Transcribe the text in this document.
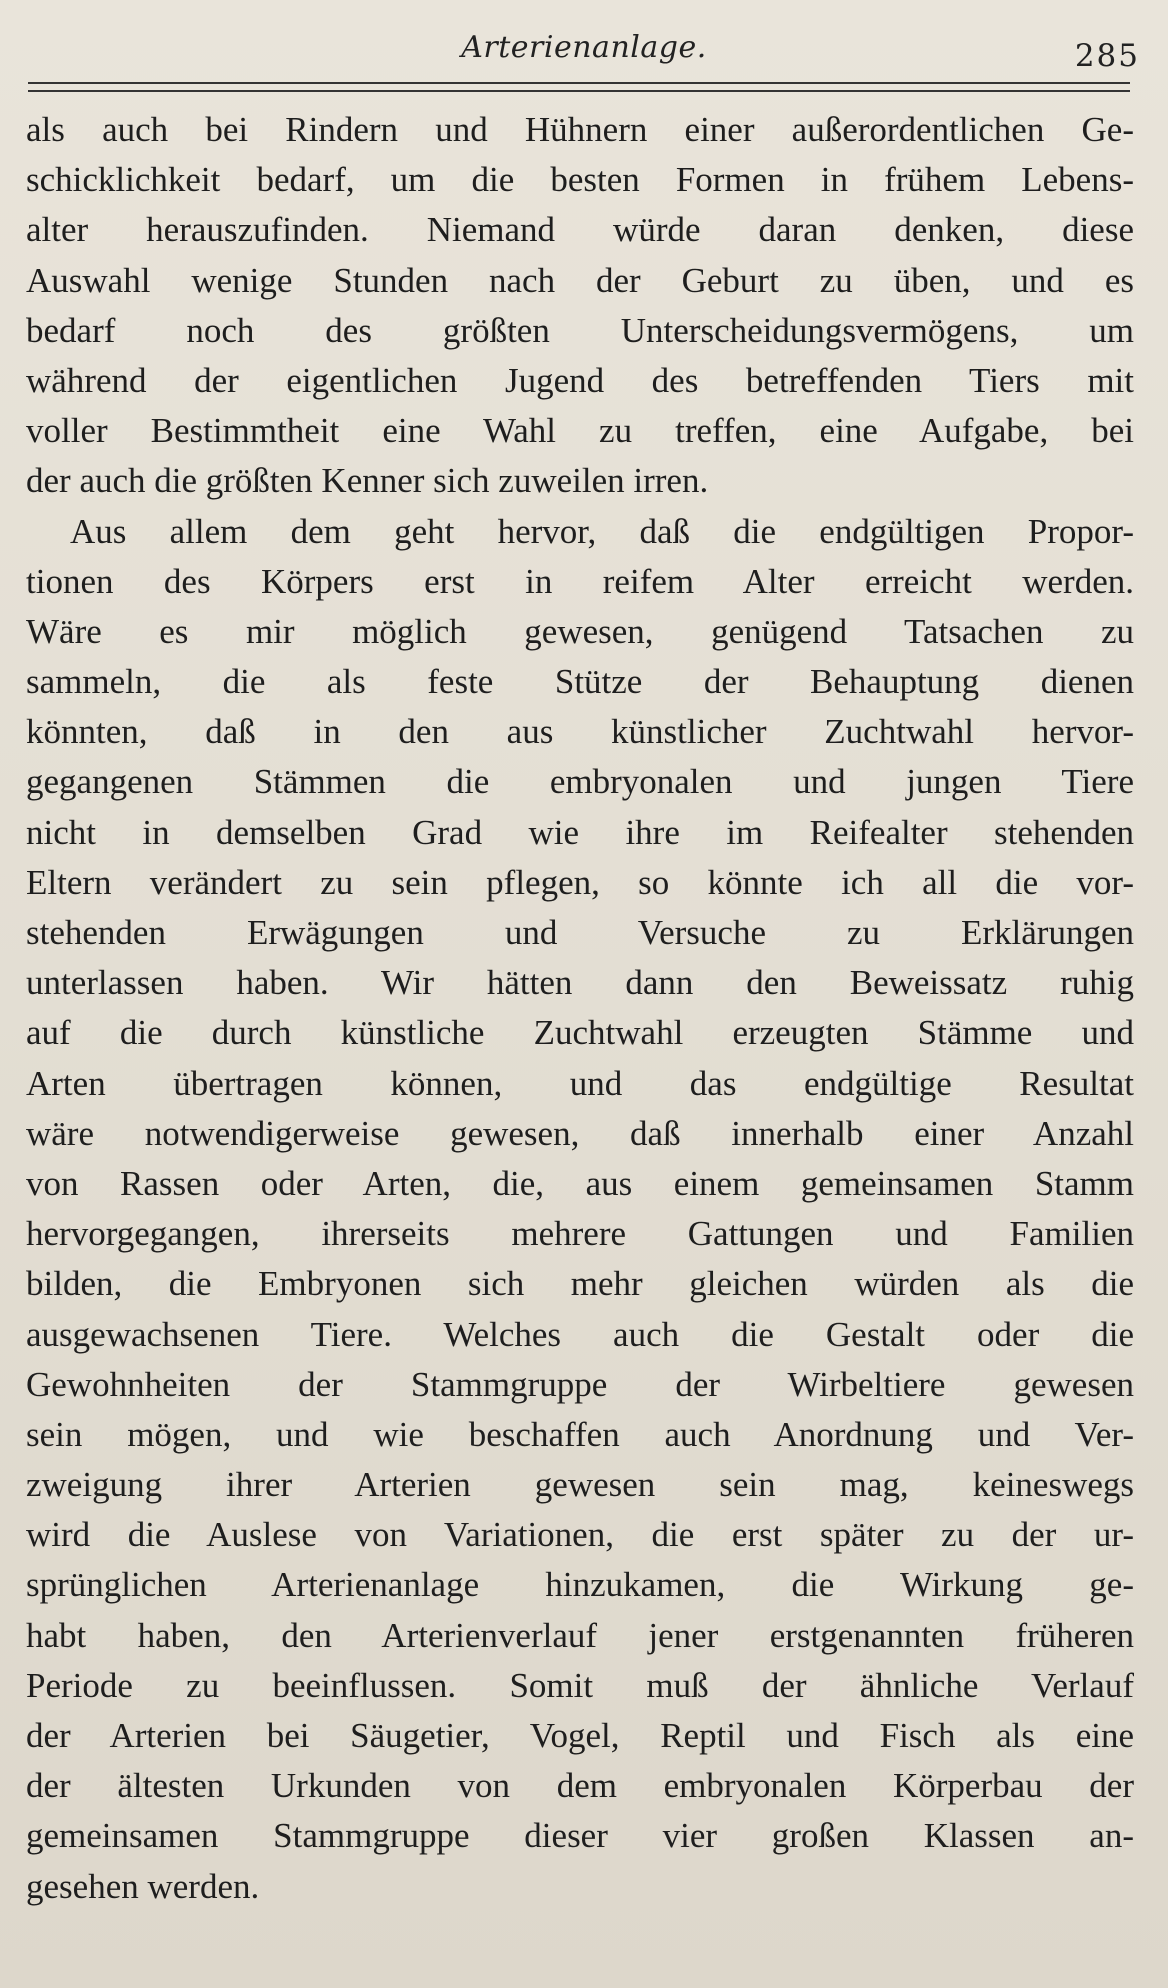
Arterienanlage.	285
als auch bei Rindern und Hühnern einer außerordentlichen Ge-
schicklichkeit bedarf, um die besten Formen in frühem Lebens-
alter herauszufinden. Niemand würde daran denken, diese
Auswahl wenige Stunden nach der Geburt zu üben, und es
bedarf noch des größten Unterscheidungsvermögens, um
während der eigentlichen Jugend des betreffenden Tiers mit
voller Bestimmtheit eine Wahl zu treffen, eine Aufgabe, bei
der auch die größten Kenner sich zuweilen irren.
Aus allem dem geht hervor, daß die endgültigen Propor-
tionen des Körpers erst in reifem Alter erreicht werden.
Wäre es mir möglich gewesen, genügend Tatsachen zu
sammeln, die als feste Stütze der Behauptung dienen
könnten, daß in den aus künstlicher Zuchtwahl hervor-
gegangenen Stämmen die embryonalen und jungen Tiere
nicht in demselben Grad wie ihre im Reifealter stehenden
Eltern verändert zu sein pflegen, so könnte ich all die vor-
stehenden Erwägungen und Versuche zu Erklärungen
unterlassen haben. Wir hätten dann den Beweissatz ruhig
auf die durch künstliche Zuchtwahl erzeugten Stämme und
Arten übertragen können, und das endgültige Resultat
wäre notwendigerweise gewesen, daß innerhalb einer Anzahl
von Rassen oder Arten, die, aus einem gemeinsamen Stamm
hervorgegangen, ihrerseits mehrere Gattungen und Familien
bilden, die Embryonen sich mehr gleichen würden als die
ausgewachsenen Tiere. Welches auch die Gestalt oder die
Gewohnheiten der Stammgruppe der Wirbeltiere gewesen
sein mögen, und wie beschaffen auch Anordnung und Ver-
zweigung ihrer Arterien gewesen sein mag, keineswegs
wird die Auslese von Variationen, die erst später zu der ur-
sprünglichen Arterienanlage hinzukamen, die Wirkung ge-
habt haben, den Arterienverlauf jener erstgenannten früheren
Periode zu beeinflussen. Somit muß der ähnliche Verlauf
der Arterien bei Säugetier, Vogel, Reptil und Fisch als eine
der ältesten Urkunden von dem embryonalen Körperbau der
gemeinsamen Stammgruppe dieser vier großen Klassen an-
gesehen werden.
